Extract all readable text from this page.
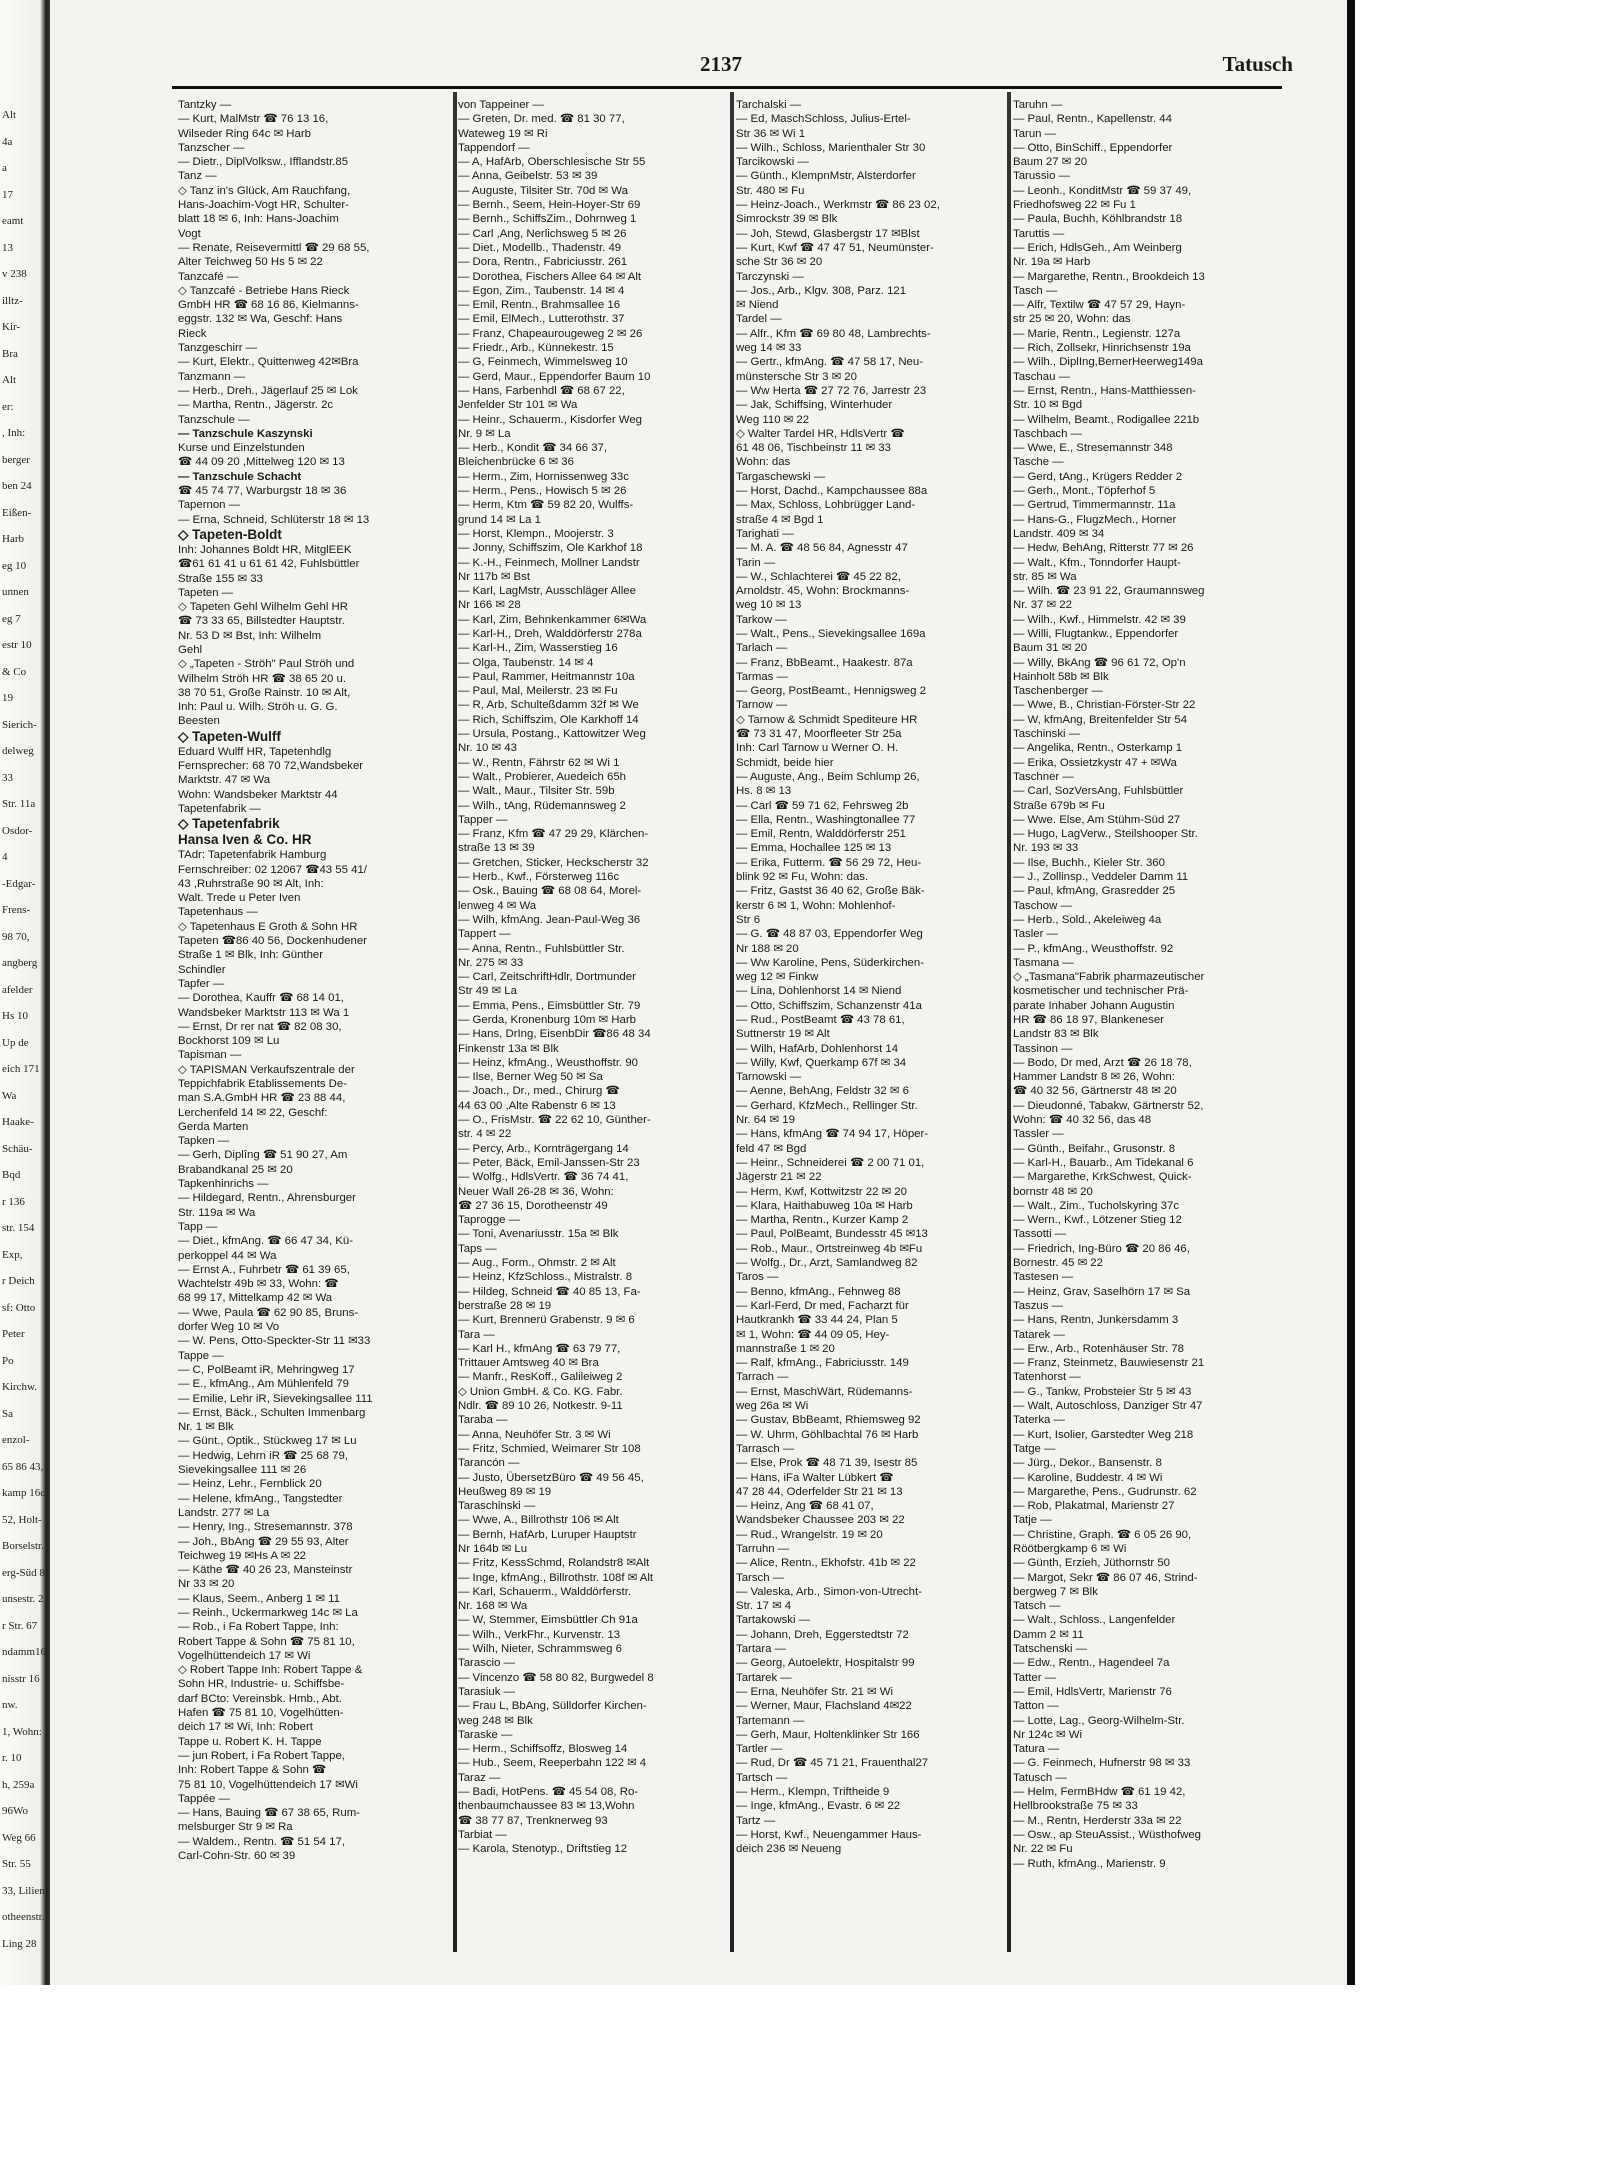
Alt
4a
a
17
eamt
13
v 238
illtz-
Kir-
Bra
Alt
er:
, Inh:
berger
ben 24
Eißen-
Harb
eg 10
unnen
eg 7
estr 10
& Co
19
Sierich-
delweg
33
Str. 11a
Osdor-
4
-Edgar-
Frens-
98 70,
angberg
afelder
Hs 10
Up de
eich 171
Wa
Haake-
Schäu-
Bqd
r 136
str. 154
Exp,
r Deich
sf: Otto
Peter
Po
Kirchw.
Sa
enzol-
65 86 43,
kamp 16c
52, Holt-
Borselstr.
erg-Süd 8
unsestr. 2
r Str. 67
ndamm16
nisstr 16
nw.
1, Wohn:
r. 10
h, 259a
96Wo
Weg 66
Str. 55
33, Lilien-
otheenstr.
Ling 28
2137	Tatusch
Tantzky —
— Kurt, MalMstr ☎ 76 13 16,
Wilseder Ring 64c ✉ Harb
Tanzscher —
— Dietr., DiplVolksw., Ifflandstr.85
Tanz —
◇ Tanz in's Glück, Am Rauchfang,
Hans-Joachim-Vogt HR, Schulter-
blatt 18 ✉ 6, Inh: Hans-Joachim
Vogt
— Renate, Reisevermittl ☎ 29 68 55,
Alter Teichweg 50 Hs 5 ✉ 22
Tanzcafé —
◇ Tanzcafé - Betriebe Hans Rieck
GmbH HR ☎ 68 16 86, Kielmanns-
eggstr. 132 ✉ Wa, Geschf: Hans
Rieck
Tanzgeschirr —
— Kurt, Elektr., Quittenweg 42✉Bra
Tanzmann —
— Herb., Dreh., Jägerlauf 25 ✉ Lok
— Martha, Rentn., Jägerstr. 2c
Tanzschule —
— Tanzschule Kaszynski
Kurse und Einzelstunden
☎ 44 09 20 ,Mittelweg 120 ✉ 13
— Tanzschule Schacht
☎ 45 74 77, Warburgstr 18 ✉ 36
Tapernon —
— Erna, Schneid, Schlüterstr 18 ✉ 13
◇ Tapeten-Boldt
Inh: Johannes Boldt HR, MitglEEK
☎61 61 41 u 61 61 42, Fuhlsbüttler
Straße 155 ✉ 33
Tapeten —
◇ Tapeten Gehl Wilhelm Gehl HR
☎ 73 33 65, Billstedter Hauptstr.
Nr. 53 D ✉ Bst, Inh: Wilhelm
Gehl
◇ „Tapeten - Ströh" Paul Ströh und
Wilhelm Ströh HR ☎ 38 65 20 u.
38 70 51, Große Rainstr. 10 ✉ Alt,
Inh: Paul u. Wilh. Ströh u. G. G.
Beesten
◇ Tapeten-Wulff
Eduard Wulff HR, Tapetenhdlg
Fernsprecher: 68 70 72,Wandsbeker
Marktstr. 47 ✉ Wa
Wohn: Wandsbeker Marktstr 44
Tapetenfabrik —
◇ Tapetenfabrik
Hansa Iven & Co. HR
TAdr: Tapetenfabrik Hamburg
Fernschreiber: 02 12067 ☎43 55 41/
43 ,Ruhrstraße 90 ✉ Alt, Inh:
Walt. Trede u Peter Iven
Tapetenhaus —
◇ Tapetenhaus E Groth & Sohn HR
Tapeten ☎86 40 56, Dockenhudener
Straße 1 ✉ Blk, Inh: Günther
Schindler
Tapfer —
— Dorothea, Kauffr ☎ 68 14 01,
Wandsbeker Marktstr 113 ✉ Wa 1
— Ernst, Dr rer nat ☎ 82 08 30,
Bockhorst 109 ✉ Lu
Tapisman —
◇ TAPISMAN Verkaufszentrale der
Teppichfabrik Etablissements De-
man S.A.GmbH HR ☎ 23 88 44,
Lerchenfeld 14 ✉ 22, Geschf:
Gerda Marten
Tapken —
— Gerh, Diplîng ☎ 51 90 27, Am
Brabandkanal 25 ✉ 20
Tapkenhinrichs —
— Hildegard, Rentn., Ahrensburger
Str. 119a ✉ Wa
Tapp —
— Diet., kfmAng. ☎ 66 47 34, Kü-
perkoppel 44 ✉ Wa
— Ernst A., Fuhrbetr ☎ 61 39 65,
Wachtelstr 49b ✉ 33, Wohn: ☎
68 99 17, Mittelkamp 42 ✉ Wa
— Wwe, Paula ☎ 62 90 85, Bruns-
dorfer Weg 10 ✉ Vo
— W. Pens, Otto-Speckter-Str 11 ✉33
Tappe —
— C, PolBeamt iR, Mehringweg 17
— E., kfmAng., Am Mühlenfeld 79
— Emilie, Lehr iR, Sievekingsallee 111
— Ernst, Bäck., Schulten Immenbarg
Nr. 1 ✉ Blk
— Günt., Optik., Stückweg 17 ✉ Lu
— Hedwig, Lehrn iR ☎ 25 68 79,
Sievekingsallee 111 ✉ 26
— Heinz, Lehr., Fernblick 20
— Helene, kfmAng., Tangstedter
Landstr. 277 ✉ La
— Henry, Ing., Stresemannstr. 378
— Joh., BbAng ☎ 29 55 93, Alter
Teichweg 19 ✉Hs A ✉ 22
— Käthe ☎ 40 26 23, Mansteinstr
Nr 33 ✉ 20
— Klaus, Seem., Anberg 1 ✉ 11
— Reinh., Uckermarkweg 14c ✉ La
— Rob., i Fa Robert Tappe, Inh:
Robert Tappe & Sohn ☎ 75 81 10,
Vogelhüttendeich 17 ✉ Wi
◇ Robert Tappe Inh: Robert Tappe &
Sohn HR, Industrie- u. Schiffsbe-
darf BCto: Vereinsbk. Hmb., Abt.
Hafen ☎ 75 81 10, Vogelhütten-
deich 17 ✉ Wi, Inh: Robert
Tappe u. Robert K. H. Tappe
— jun Robert, i Fa Robert Tappe,
Inh: Robert Tappe & Sohn ☎
75 81 10, Vogelhüttendeich 17 ✉Wi
Tappée —
— Hans, Bauing ☎ 67 38 65, Rum-
melsburger Str 9 ✉ Ra
— Waldem., Rentn. ☎ 51 54 17,
Carl-Cohn-Str. 60 ✉ 39
von Tappeiner —
— Greten, Dr. med. ☎ 81 30 77,
Wateweg 19 ✉ Ri
Tappendorf —
— A, HafArb, Oberschlesische Str 55
— Anna, Geibelstr. 53 ✉ 39
— Auguste, Tilsiter Str. 70d ✉ Wa
— Bernh., Seem, Hein-Hoyer-Str 69
— Bernh., SchiffsZim., Dohrnweg 1
— Carl ,Ang, Nerlichsweg 5 ✉ 26
— Diet., Modellb., Thadenstr. 49
— Dora, Rentn., Fabriciusstr. 261
— Dorothea, Fischers Allee 64 ✉ Alt
— Egon, Zim., Taubenstr. 14 ✉ 4
— Emil, Rentn., Brahmsallee 16
— Emil, ElMech., Lutterothstr. 37
— Franz, Chapeaurougeweg 2 ✉ 26
— Friedr., Arb., Künnekestr. 15
— G, Feinmech, Wimmelsweg 10
— Gerd, Maur., Eppendorfer Baum 10
— Hans, Farbenhdl ☎ 68 67 22,
Jenfelder Str 101 ✉ Wa
— Heinr., Schauerm., Kisdorfer Weg
Nr. 9 ✉ La
— Herb., Kondit ☎ 34 66 37,
Bleichenbrücke 6 ✉ 36
— Herm., Zim, Hornissenweg 33c
— Herm., Pens., Howisch 5 ✉ 26
— Herm, Ktm ☎ 59 82 20, Wulffs-
grund 14 ✉ La 1
— Horst, Klempn., Moojerstr. 3
— Jonny, Schiffszim, Ole Karkhof 18
— K.-H., Feinmech, Mollner Landstr
Nr 117b ✉ Bst
— Karl, LagMstr, Ausschläger Allee
Nr 166 ✉ 28
— Karl, Zim, Behnkenkammer 6✉Wa
— Karl-H., Dreh, Walddörferstr 278a
— Karl-H., Zim, Wasserstieg 16
— Olga, Taubenstr. 14 ✉ 4
— Paul, Rammer, Heitmannstr 10a
— Paul, Mal, Meilerstr. 23 ✉ Fu
— R, Arb, Schulteßdamm 32f ✉ We
— Rich, Schiffszim, Ole Karkhoff 14
— Ursula, Postang., Kattowitzer Weg
Nr. 10 ✉ 43
— W., Rentn, Fährstr 62 ✉ Wi 1
— Walt., Probierer, Auedeich 65h
— Walt., Maur., Tilsiter Str. 59b
— Wilh., tAng, Rüdemannsweg 2
Tapper —
— Franz, Kfm ☎ 47 29 29, Klärchen-
straße 13 ✉ 39
— Gretchen, Sticker, Heckscherstr 32
— Herb., Kwf., Försterweg 116c
— Osk., Bauing ☎ 68 08 64, Morel-
lenweg 4 ✉ Wa
— Wilh, kfmAng. Jean-Paul-Weg 36
Tappert —
— Anna, Rentn., Fuhlsbüttler Str.
Nr. 275 ✉ 33
— Carl, ZeitschriftHdlr, Dortmunder
Str 49 ✉ La
— Emma, Pens., Eimsbüttler Str. 79
— Gerda, Kronenburg 10m ✉ Harb
— Hans, DrIng, EisenbDir ☎86 48 34
Finkenstr 13a ✉ Blk
— Heinz, kfmAng., Weusthoffstr. 90
— Ilse, Berner Weg 50 ✉ Sa
— Joach., Dr., med., Chirurg ☎
44 63 00 ,Alte Rabenstr 6 ✉ 13
— O., FrisMstr. ☎ 22 62 10, Günther-
str. 4 ✉ 22
— Percy, Arb., Kornträgergang 14
— Peter, Bäck, Emil-Janssen-Str 23
— Wolfg., HdlsVertr. ☎ 36 74 41,
Neuer Wall 26-28 ✉ 36, Wohn:
☎ 27 36 15, Dorotheenstr 49
Taprogge —
— Toni, Avenariusstr. 15a ✉ Blk
Taps —
— Aug., Form., Ohmstr. 2 ✉ Alt
— Heinz, KfzSchloss., Mistralstr. 8
— Hildeg, Schneid ☎ 40 85 13, Fa-
berstraße 28 ✉ 19
— Kurt, Brennerü Grabenstr. 9 ✉ 6
Tara —
— Karl H., kfmAng ☎ 63 79 77,
Trittauer Amtsweg 40 ✉ Bra
— Manfr., ResKoff., Galileiweg 2
◇ Union GmbH. & Co. KG. Fabr.
Ndlr. ☎ 89 10 26, Notkestr. 9-11
Taraba —
— Anna, Neuhöfer Str. 3 ✉ Wi
— Fritz, Schmied, Weimarer Str 108
Tarancón —
— Justo, ÜbersetzBüro ☎ 49 56 45,
Heußweg 89 ✉ 19
Taraschinski —
— Wwe, A., Billrothstr 106 ✉ Alt
— Bernh, HafArb, Luruper Hauptstr
Nr 164b ✉ Lu
— Fritz, KessSchmd, Rolandstr8 ✉Alt
— Inge, kfmAng., Billrothstr. 108f ✉ Alt
— Karl, Schauerm., Walddörferstr.
Nr. 168 ✉ Wa
— W, Stemmer, Eimsbüttler Ch 91a
— Wilh., VerkFhr., Kurvenstr. 13
— Wilh, Nieter, Schrammsweg 6
Tarascio —
— Vincenzo ☎ 58 80 82, Burgwedel 8
Tarasiuk —
— Frau L, BbAng, Sülldorfer Kirchen-
weg 248 ✉ Blk
Taraske —
— Herm., Schiffsoffz, Blosweg 14
— Hub., Seem, Reeperbahn 122 ✉ 4
Taraz —
— Badi, HotPens. ☎ 45 54 08, Ro-
thenbaumchaussee 83 ✉ 13,Wohn
☎ 38 77 87, Trenknerweg 93
Tarbiat —
— Karola, Stenotyp., Driftstieg 12
Tarchalski —
— Ed, MaschSchloss, Julius-Ertel-
Str 36 ✉ Wi 1
— Wilh., Schloss, Marienthaler Str 30
Tarcikowski —
— Günth., KlempnMstr, Alsterdorfer
Str. 480 ✉ Fu
— Heinz-Joach., Werkmstr ☎ 86 23 02,
Simrockstr 39 ✉ Blk
— Joh, Stewd, Glasbergstr 17 ✉Blst
— Kurt, Kwf ☎ 47 47 51, Neumünster-
sche Str 36 ✉ 20
Tarczynski —
— Jos., Arb., Klgv. 308, Parz. 121
✉ Niend
Tardel —
— Alfr., Kfm ☎ 69 80 48, Lambrechts-
weg 14 ✉ 33
— Gertr., kfmAng. ☎ 47 58 17, Neu-
münstersche Str 3 ✉ 20
— Ww Herta ☎ 27 72 76, Jarrestr 23
— Jak, Schiffsing, Winterhuder
Weg 110 ✉ 22
◇ Walter Tardel HR, HdlsVertr ☎
61 48 06, Tischbeinstr 11 ✉ 33
Wohn: das
Targaschewski —
— Horst, Dachd., Kampchaussee 88a
— Max, Schloss, Lohbrügger Land-
straße 4 ✉ Bgd 1
Tarighati —
— M. A. ☎ 48 56 84, Agnesstr 47
Tarin —
— W., Schlachterei ☎ 45 22 82,
Arnoldstr. 45, Wohn: Brockmanns-
weg 10 ✉ 13
Tarkow —
— Walt., Pens., Sievekingsallee 169a
Tarlach —
— Franz, BbBeamt., Haakestr. 87a
Tarmas —
— Georg, PostBeamt., Hennigsweg 2
Tarnow —
◇ Tarnow & Schmidt Spediteure HR
☎ 73 31 47, Moorfleeter Str 25a
Inh: Carl Tarnow u Werner O. H.
Schmidt, beide hier
— Auguste, Ang., Beim Schlump 26,
Hs. 8 ✉ 13
— Carl ☎ 59 71 62, Fehrsweg 2b
— Ella, Rentn., Washingtonallee 77
— Emil, Rentn, Walddörferstr 251
— Emma, Hochallee 125 ✉ 13
— Erika, Futterm. ☎ 56 29 72, Heu-
blink 92 ✉ Fu, Wohn: das.
— Fritz, Gastst 36 40 62, Große Bäk-
kerstr 6 ✉ 1, Wohn: Mohlenhof-
Str 6
— G. ☎ 48 87 03, Eppendorfer Weg
Nr 188 ✉ 20
— Ww Karoline, Pens, Süderkirchen-
weg 12 ✉ Finkw
— Lina, Dohlenhorst 14 ✉ Niend
— Otto, Schiffszim, Schanzenstr 41a
— Rud., PostBeamt ☎ 43 78 61,
Suttnerstr 19 ✉ Alt
— Wilh, HafArb, Dohlenhorst 14
— Willy, Kwf, Querkamp 67f ✉ 34
Tarnowski —
— Aenne, BehAng, Feldstr 32 ✉ 6
— Gerhard, KfzMech., Rellinger Str.
Nr. 64 ✉ 19
— Hans, kfmAng ☎ 74 94 17, Höper-
feld 47 ✉ Bgd
— Heinr., Schneiderei ☎ 2 00 71 01,
Jägerstr 21 ✉ 22
— Herm, Kwf, Kottwitzstr 22 ✉ 20
— Klara, Haithabuweg 10a ✉ Harb
— Martha, Rentn., Kurzer Kamp 2
— Paul, PolBeamt, Bundesstr 45 ✉13
— Rob., Maur., Ortstreinweg 4b ✉Fu
— Wolfg., Dr., Arzt, Samlandweg 82
Taros —
— Benno, kfmAng., Fehnweg 88
— Karl-Ferd, Dr med, Facharzt für
Hautkrankh ☎ 33 44 24, Plan 5
✉ 1, Wohn: ☎ 44 09 05, Hey-
mannstraße 1 ✉ 20
— Ralf, kfmAng., Fabriciusstr. 149
Tarrach —
— Ernst, MaschWärt, Rüdemanns-
weg 26a ✉ Wi
— Gustav, BbBeamt, Rhiemsweg 92
— W. Uhrm, Göhlbachtal 76 ✉ Harb
Tarrasch —
— Else, Prok ☎ 48 71 39, Isestr 85
— Hans, iFa Walter Lübkert ☎
47 28 44, Oderfelder Str 21 ✉ 13
— Heinz, Ang ☎ 68 41 07,
Wandsbeker Chaussee 203 ✉ 22
— Rud., Wrangelstr. 19 ✉ 20
Tarruhn —
— Alice, Rentn., Ekhofstr. 41b ✉ 22
Tarsch —
— Valeska, Arb., Simon-von-Utrecht-
Str. 17 ✉ 4
Tartakowski —
— Johann, Dreh, Eggerstedtstr 72
Tartara —
— Georg, Autoelektr, Hospitalstr 99
Tartarek —
— Erna, Neuhöfer Str. 21 ✉ Wi
— Werner, Maur, Flachsland 4✉22
Tartemann —
— Gerh, Maur, Holtenklinker Str 166
Tartler —
— Rud, Dr ☎ 45 71 21, Frauenthal27
Tartsch —
— Herm., Klempn, Triftheide 9
— Inge, kfmAng., Evastr. 6 ✉ 22
Tartz —
— Horst, Kwf., Neuengammer Haus-
deich 236 ✉ Neueng
Taruhn —
— Paul, Rentn., Kapellenstr. 44
Tarun —
— Otto, BinSchiff., Eppendorfer
Baum 27 ✉ 20
Tarussio —
— Leonh., KonditMstr ☎ 59 37 49,
Friedhofsweg 22 ✉ Fu 1
— Paula, Buchh, Köhlbrandstr 18
Taruttis —
— Erich, HdlsGeh., Am Weinberg
Nr. 19a ✉ Harb
— Margarethe, Rentn., Brookdeich 13
Tasch —
— Alfr, Textilw ☎ 47 57 29, Hayn-
str 25 ✉ 20, Wohn: das
— Marie, Rentn., Legienstr. 127a
— Rich, Zollsekr, Hinrichsenstr 19a
— Wilh., DiplIng,BernerHeerweg149a
Taschau —
— Ernst, Rentn., Hans-Matthiessen-
Str. 10 ✉ Bgd
— Wilhelm, Beamt., Rodigallee 221b
Taschbach —
— Wwe, E., Stresemannstr 348
Tasche —
— Gerd, tAng., Krügers Redder 2
— Gerh., Mont., Töpferhof 5
— Gertrud, Timmermannstr. 11a
— Hans-G., FlugzMech., Horner
Landstr. 409 ✉ 34
— Hedw, BehAng, Ritterstr 77 ✉ 26
— Walt., Kfm., Tonndorfer Haupt-
str. 85 ✉ Wa
— Wilh. ☎ 23 91 22, Graumannsweg
Nr. 37 ✉ 22
— Wilh., Kwf., Himmelstr. 42 ✉ 39
— Willi, Flugtankw., Eppendorfer
Baum 31 ✉ 20
— Willy, BkAng ☎ 96 61 72, Op'n
Hainholt 58b ✉ Blk
Taschenberger —
— Wwe, B., Christian-Förster-Str 22
— W, kfmAng, Breitenfelder Str 54
Taschinski —
— Angelika, Rentn., Osterkamp 1
— Erika, Ossietzkystr 47 + ✉Wa
Taschner —
— Carl, SozVersAng, Fuhlsbüttler
Straße 679b ✉ Fu
— Wwe. Else, Am Stühm-Süd 27
— Hugo, LagVerw., Steilshooper Str.
Nr. 193 ✉ 33
— Ilse, Buchh., Kieler Str. 360
— J., Zollinsp., Veddeler Damm 11
— Paul, kfmAng, Grasredder 25
Taschow —
— Herb., Sold., Akeleiweg 4a
Tasler —
— P., kfmAng., Weusthoffstr. 92
Tasmana —
◇ „Tasmana"Fabrik pharmazeutischer
kosmetischer und technischer Prä-
parate Inhaber Johann Augustin
HR ☎ 86 18 97, Blankeneser
Landstr 83 ✉ Blk
Tassinon —
— Bodo, Dr med, Arzt ☎ 26 18 78,
Hammer Landstr 8 ✉ 26, Wohn:
☎ 40 32 56, Gärtnerstr 48 ✉ 20
— Dieudonné, Tabakw, Gärtnerstr 52,
Wohn: ☎ 40 32 56, das 48
Tassler —
— Günth., Beifahr., Grusonstr. 8
— Karl-H., Bauarb., Am Tidekanal 6
— Margarethe, KrkSchwest, Quick-
bornstr 48 ✉ 20
— Walt., Zim., Tucholskyring 37c
— Wern., Kwf., Lötzener Stieg 12
Tassotti —
— Friedrich, Ing-Büro ☎ 20 86 46,
Bornestr. 45 ✉ 22
Tastesen —
— Heinz, Grav, Saselhörn 17 ✉ Sa
Taszus —
— Hans, Rentn, Junkersdamm 3
Tatarek —
— Erw., Arb., Rotenhäuser Str. 78
— Franz, Steinmetz, Bauwiesenstr 21
Tatenhorst —
— G., Tankw, Probsteier Str 5 ✉ 43
— Walt, Autoschloss, Danziger Str 47
Taterka —
— Kurt, Isolier, Garstedter Weg 218
Tatge —
— Jürg., Dekor., Bansenstr. 8
— Karoline, Buddestr. 4 ✉ Wi
— Margarethe, Pens., Gudrunstr. 62
— Rob, Plakatmal, Marienstr 27
Tatje —
— Christine, Graph. ☎ 6 05 26 90,
Röötbergkamp 6 ✉ Wi
— Günth, Erzieh, Jüthornstr 50
— Margot, Sekr ☎ 86 07 46, Strind-
bergweg 7 ✉ Blk
Tatsch —
— Walt., Schloss., Langenfelder
Damm 2 ✉ 11
Tatschenski —
— Edw., Rentn., Hagendeel 7a
Tatter —
— Emil, HdlsVertr, Marienstr 76
Tatton —
— Lotte, Lag., Georg-Wilhelm-Str.
Nr 124c ✉ Wi
Tatura —
— G. Feinmech, Hufnerstr 98 ✉ 33
Tatusch —
— Helm, FermBHdw ☎ 61 19 42,
Hellbrookstraße 75 ✉ 33
— M., Rentn, Herderstr 33a ✉ 22
— Osw., ap SteuAssist., Wüsthofweg
Nr. 22 ✉ Fu
— Ruth, kfmAng., Marienstr. 9
